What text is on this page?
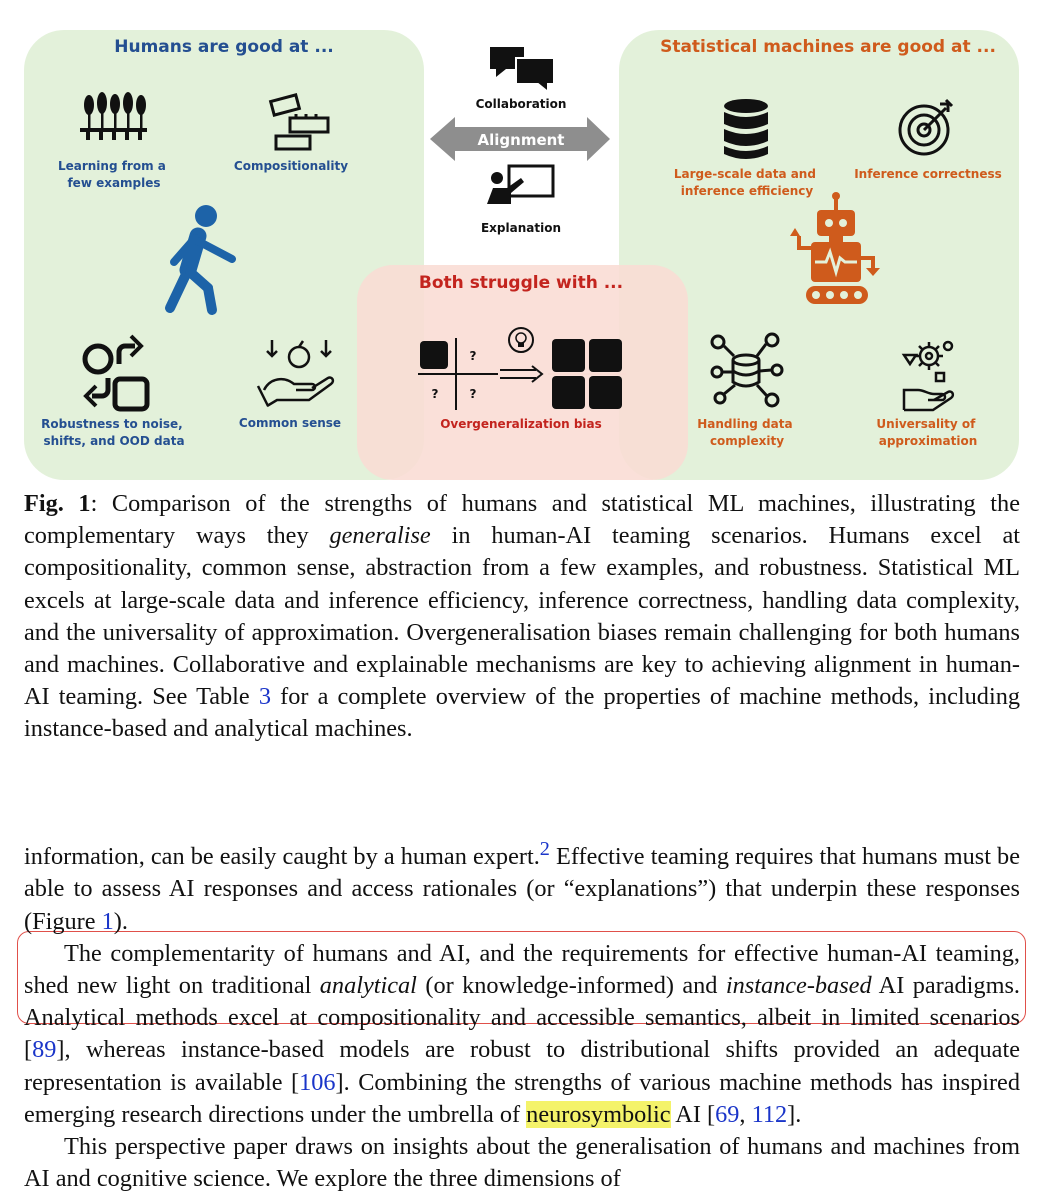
Humans are good at ...	Statistical machines are good at ...
Both struggle with ...
Collaboration
Alignment
Explanation
Learning from a few examples
Compositionality
Robustness to noise, shifts, and OOD data
Common sense
Large-scale data and inference efficiency
Inference correctness
Handling data complexity
Universality of approximation
?
?	?
Overgeneralization bias
Fig. 1: Comparison of the strengths of humans and statistical ML machines, illustrating the complementary ways they generalise in human-AI teaming scenarios. Humans excel at compositionality, common sense, abstraction from a few examples, and robustness. Statistical ML excels at large-scale data and inference efficiency, inference correctness, handling data complexity, and the universality of approximation. Overgeneralisation biases remain challenging for both humans and machines. Collaborative and explainable mechanisms are key to achieving alignment in human-AI teaming. See Table 3 for a complete overview of the properties of machine methods, including instance-based and analytical machines.

information, can be easily caught by a human expert.$^2$ Effective teaming requires that humans must be able to assess AI responses and access rationales (or “explanations”) that underpin these responses (Figure 1).

The complementarity of humans and AI, and the requirements for effective human-AI teaming, shed new light on traditional analytical (or knowledge-informed) and instance-based AI paradigms. Analytical methods excel at compositionality and accessible semantics, albeit in limited scenarios [89], whereas instance-based models are robust to distributional shifts provided an adequate representation is available [106]. Combining the strengths of various machine methods has inspired emerging research directions under the umbrella of neurosymbolic AI [69, 112].

This perspective paper draws on insights about the generalisation of humans and machines from AI and cognitive science. We explore the three dimensions of
